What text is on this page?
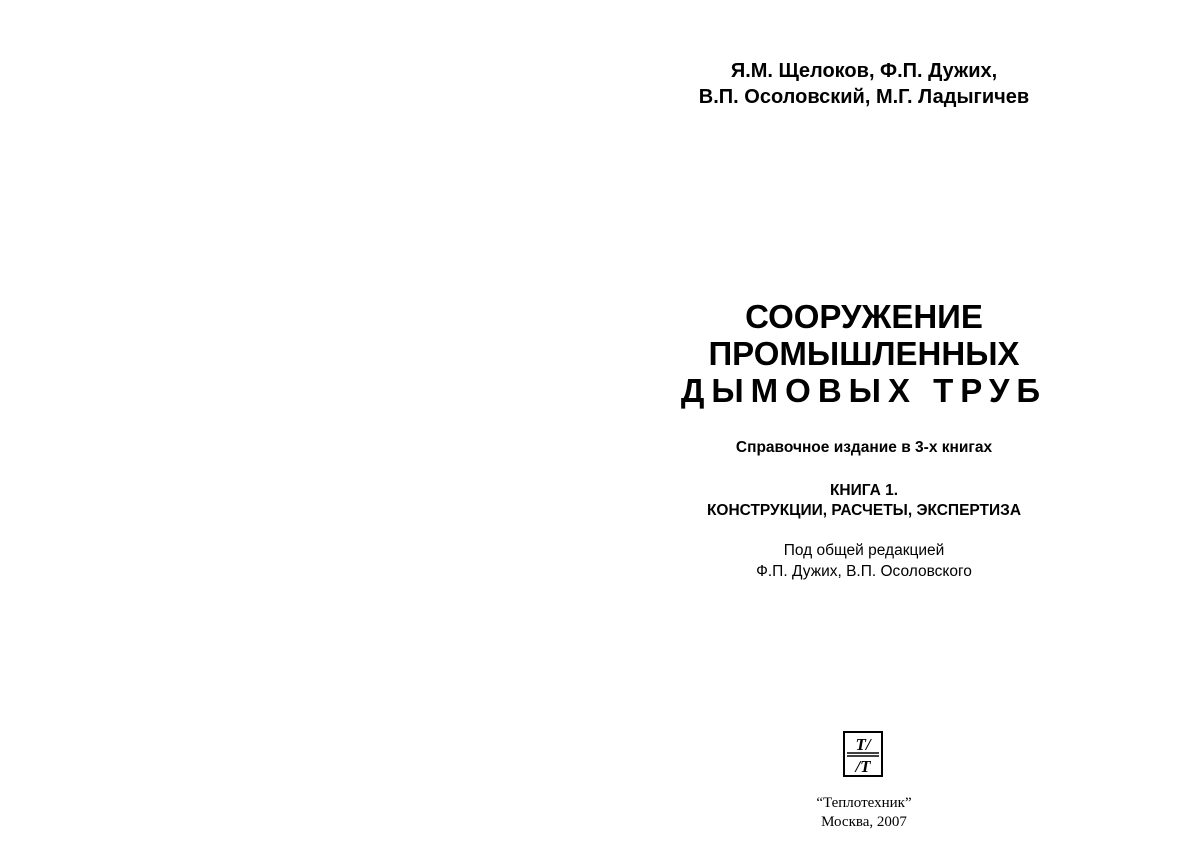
Я.М. Щелоков, Ф.П. Дужих,
В.П. Осоловский, М.Г. Ладыгичев
СООРУЖЕНИЕ
ПРОМЫШЛЕННЫХ
ДЫМОВЫХ ТРУБ
Справочное издание в 3-х книгах
КНИГА 1.
КОНСТРУКЦИИ, РАСЧЕТЫ, ЭКСПЕРТИЗА
Под общей редакцией
Ф.П. Дужих, В.П. Осоловского
T/
/T
“Теплотехник”
Москва, 2007
